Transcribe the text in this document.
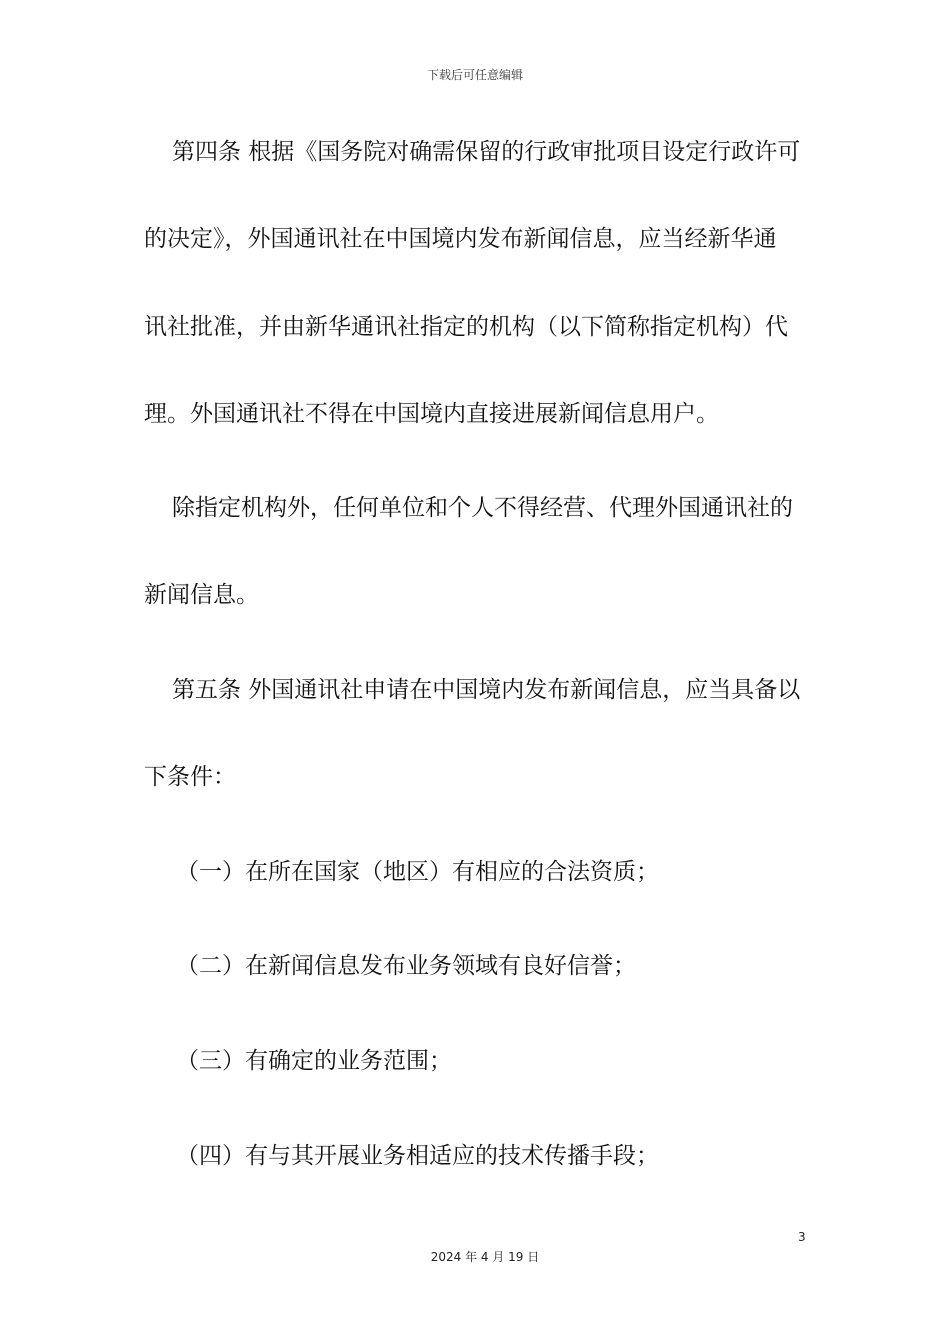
下载后可任意编辑
第四条 根据《国务院对确需保留的行政审批项目设定行政许可
的决定》，外国通讯社在中国境内发布新闻信息，应当经新华通
讯社批准，并由新华通讯社指定的机构（以下简称指定机构）代
理。外国通讯社不得在中国境内直接进展新闻信息用户。
除指定机构外，任何单位和个人不得经营、代理外国通讯社的
新闻信息。
第五条 外国通讯社申请在中国境内发布新闻信息，应当具备以
下条件：
（一）在所在国家（地区）有相应的合法资质；
（二）在新闻信息发布业务领域有良好信誉；
（三）有确定的业务范围；
（四）有与其开展业务相适应的技术传播手段；
3
2024 年 4 月 19 日
